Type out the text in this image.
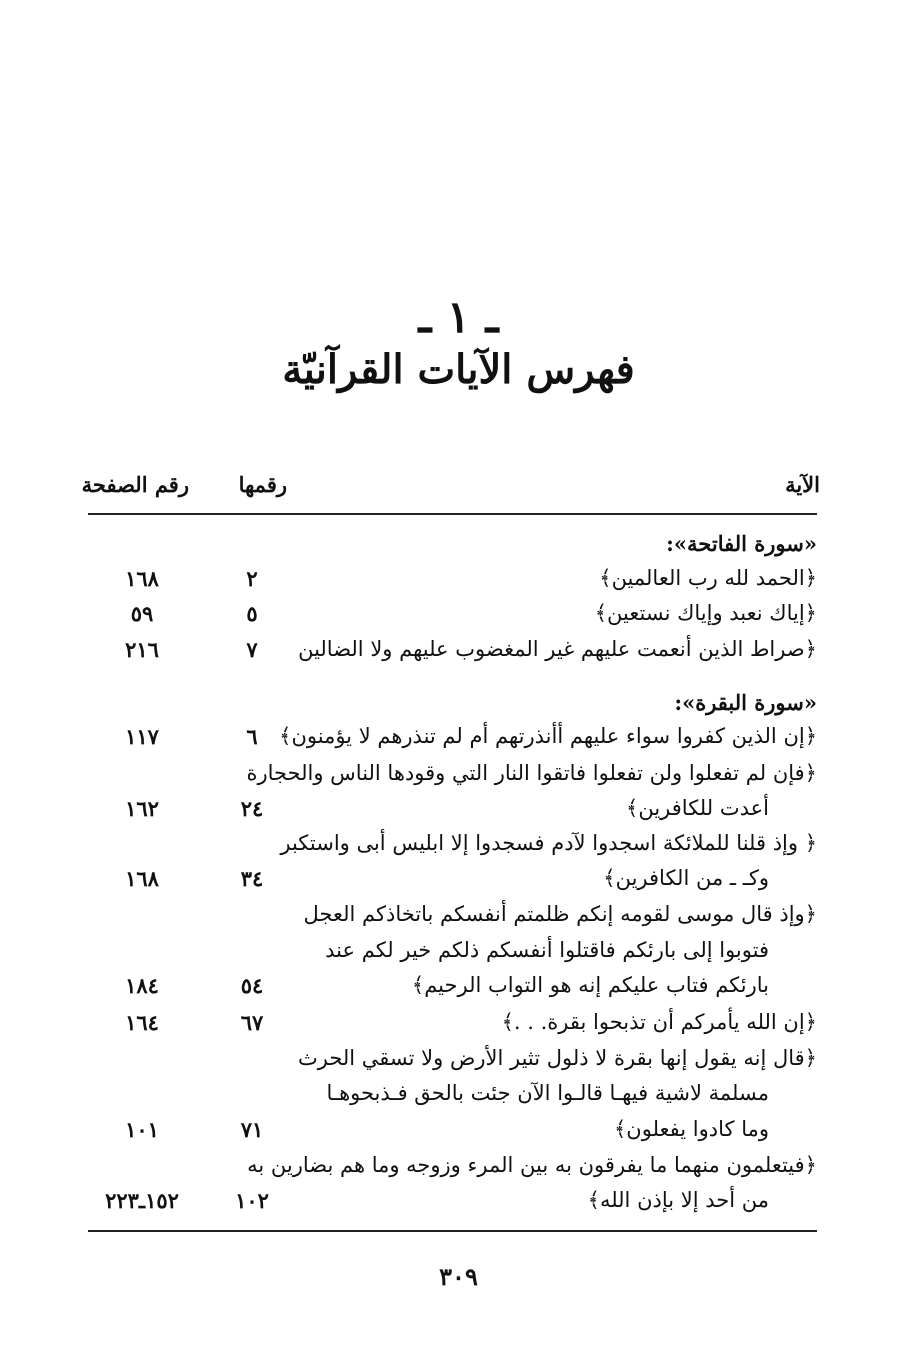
ـ ١ ـ
فهرس الآيات القرآنيّة
الآية
رقمها
رقم الصفحة
«سورة الفاتحة»:
﴿الحمد لله رب العالمين﴾
٢
١٦٨
﴿إياك نعبد وإياك نستعين﴾
٥
٥٩
﴿صراط الذين أنعمت عليهم غير المغضوب عليهم ولا الضالين
٧
٢١٦
«سورة البقرة»:
﴿إن الذين كفروا سواء عليهم أأنذرتهم أم لم تنذرهم لا يؤمنون﴾
٦
١١٧
﴿فإن لم تفعلوا ولن تفعلوا فاتقوا النار التي وقودها الناس والحجارة
أعدت للكافرين﴾
٢٤
١٦٢
﴿ وإذ قلنا للملائكة اسجدوا لآدم فسجدوا إلا ابليس أبى واستكبر
وكـ ـ من الكافرين﴾
٣٤
١٦٨
﴿وإذ قال موسى لقومه إنكم ظلمتم أنفسكم باتخاذكم العجل
فتوبوا إلى بارئكم فاقتلوا أنفسكم ذلكم خير لكم عند
بارئكم فتاب عليكم إنه هو التواب الرحيم﴾
٥٤
١٨٤
﴿إن الله يأمركم أن تذبحوا بقرة. . .﴾
٦٧
١٦٤
﴿قال إنه يقول إنها بقرة لا ذلول تثير الأرض ولا تسقي الحرث
مسلمة لاشية فيهـا قالـوا الآن جئت بالحق فـذبحوهـا
وما كادوا يفعلون﴾
٧١
١٠١
﴿فيتعلمون منهما ما يفرقون به بين المرء وزوجه وما هم بضارين به
من أحد إلا بإذن الله﴾
١٠٢
١٥٢ـ٢٢٣
٣٠٩
